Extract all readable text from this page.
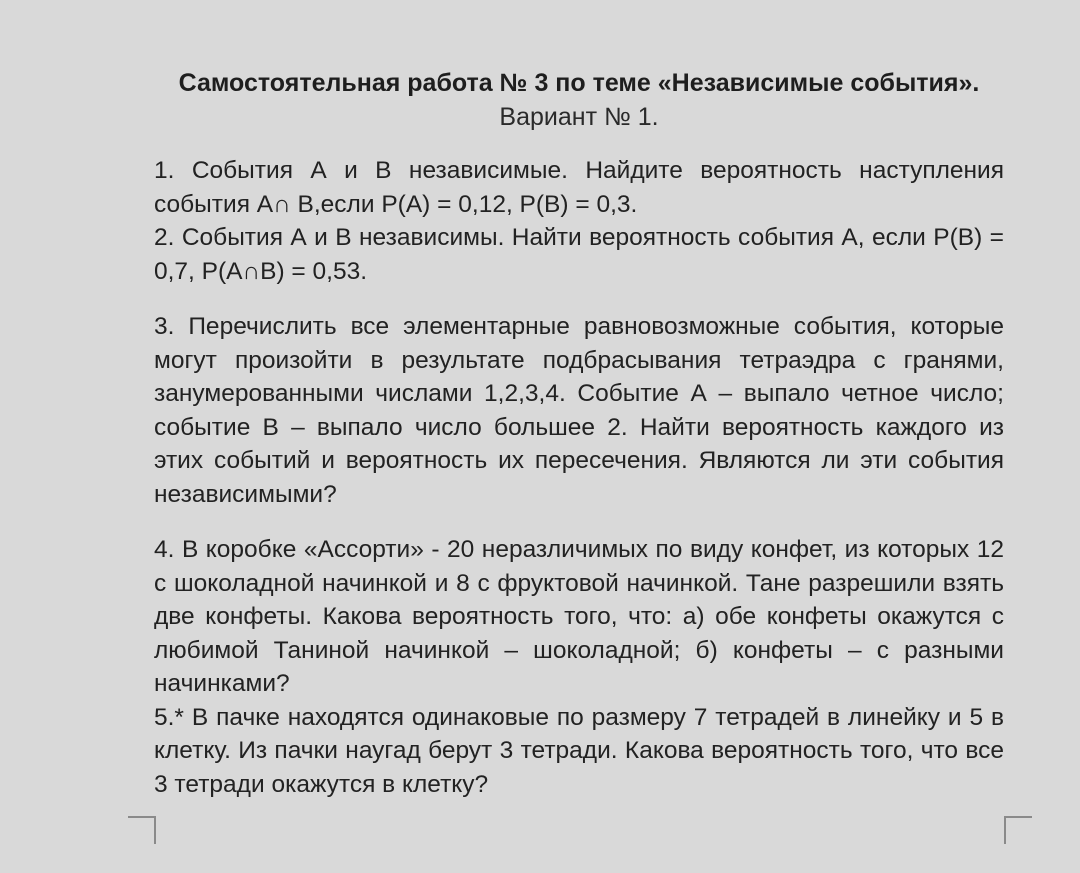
Самостоятельная работа № 3 по теме «Независимые события».

Вариант № 1.

1. События А и В независимые. Найдите вероятность наступления события А∩ В,если Р(А) = 0,12, Р(В) = 0,3.

2. События А и В независимы. Найти вероятность события А, если Р(В) = 0,7, Р(А∩В) = 0,53.

3. Перечислить все элементарные равновозможные события, которые могут произойти в результате подбрасывания тетраэдра с гранями, занумерованными числами 1,2,3,4. Событие А – выпало четное число; событие В – выпало число большее 2. Найти вероятность каждого из этих событий и вероятность их пересечения. Являются ли эти события независимыми?

4. В коробке «Ассорти» - 20 неразличимых по виду конфет, из которых 12 с шоколадной начинкой и 8 с фруктовой начинкой. Тане разрешили взять две конфеты. Какова вероятность того, что: а) обе конфеты окажутся с любимой Таниной начинкой – шоколадной; б) конфеты – с разными начинками?

5.* В пачке находятся одинаковые по размеру 7 тетрадей в линейку и 5 в клетку. Из пачки наугад берут 3 тетради. Какова вероятность того, что все 3 тетради окажутся в клетку?
